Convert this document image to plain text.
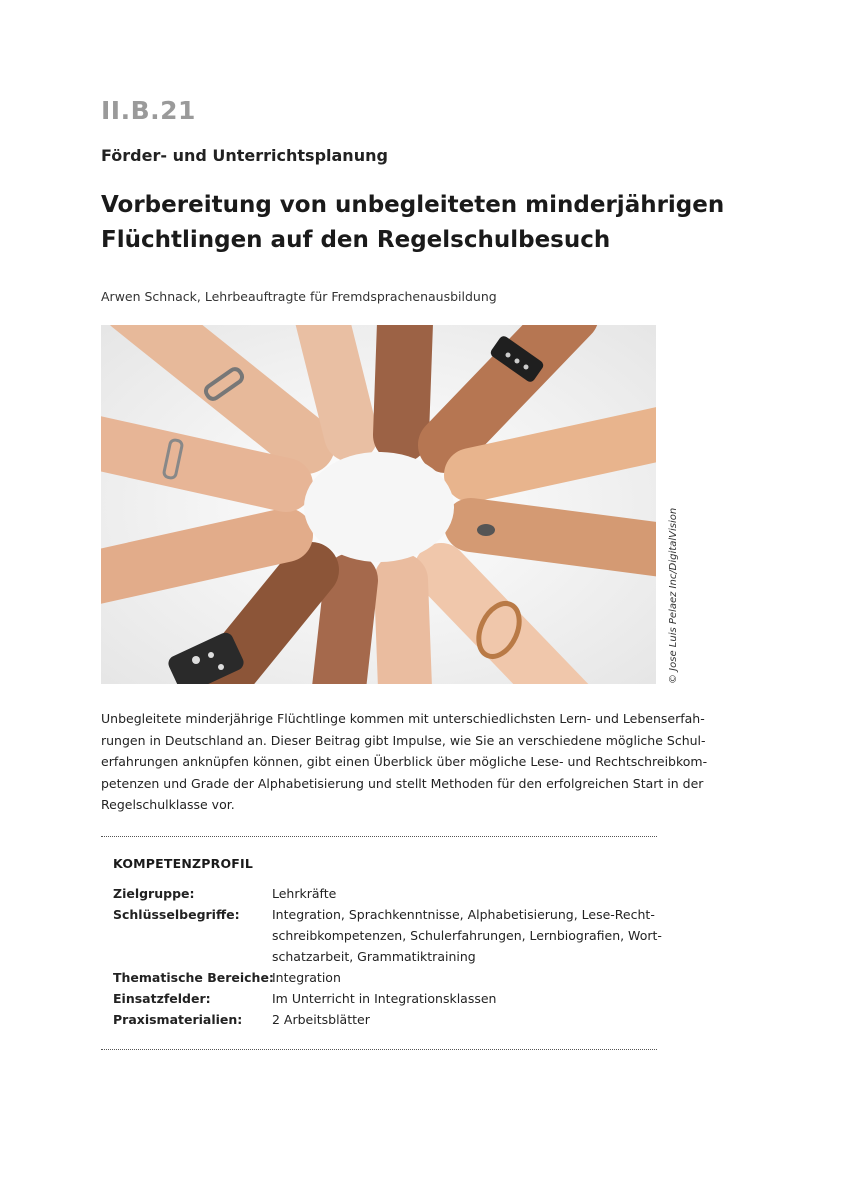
II.B.21
Förder- und Unterrichtsplanung
Vorbereitung von unbegleiteten minderjährigen
Flüchtlingen auf den Regelschulbesuch
Arwen Schnack, Lehrbeauftragte für Fremdsprachenausbildung
© Jose Luis Pelaez Inc/DigitalVision

Unbegleitete minderjährige Flüchtlinge kommen mit unterschiedlichsten Lern- und Lebenserfah-
rungen in Deutschland an. Dieser Beitrag gibt Impulse, wie Sie an verschiedene mögliche Schul-
erfahrungen anknüpfen können, gibt einen Überblick über mögliche Lese- und Rechtschreibkom-
petenzen und Grade der Alphabetisierung und stellt Methoden für den erfolgreichen Start in der
Regelschulklasse vor.

KOMPETENZPROFIL
Zielgruppe:	Lehrkräfte
Schlüsselbegriffe:	Integration, Sprachkenntnisse, Alphabetisierung, Lese-Recht-
schreibkompetenzen, Schulerfahrungen, Lernbiografien, Wort-
schatzarbeit, Grammatiktraining
Thematische Bereiche:
Integration
Einsatzfelder:	Im Unterricht in Integrationsklassen
Praxismaterialien:	2 Arbeitsblätter
